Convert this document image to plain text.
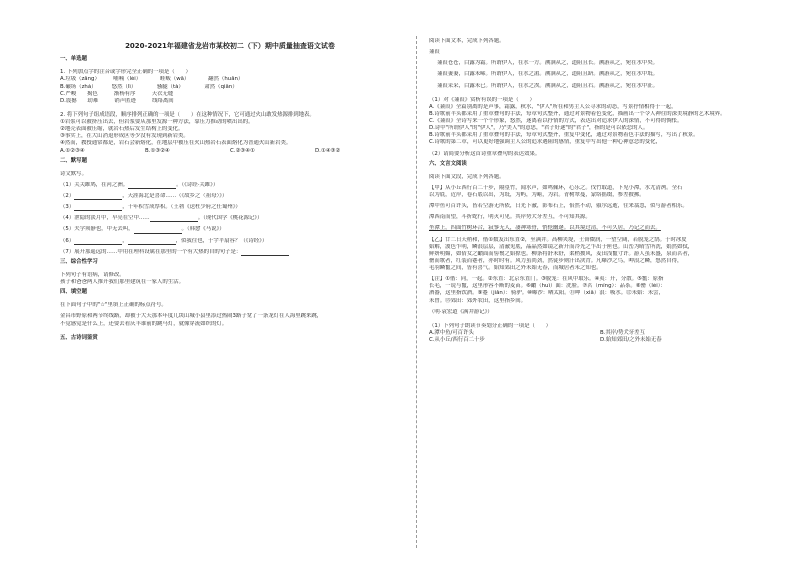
2020-2021年福建省龙岩市某校初二（下）期中质量抽查语文试卷
一、单选题
1. 下列加点字的注音或字形完全正确的一项是（　　）
A.垃圾（zāng）　　　哺喃（lèi）　　　　畦畈（wā）　　　　翻然（huān）
B.碾场（zhá）　　　 悠然（lì）　　　　 骚腿（tà）　　　　 肃然（qiān）
C.严峻　　揭色　　　渐杨有序　　　天衣无缝
D.震撼　　劫难　　　销声匿迹　　　线络离间
2. 将下列句子组成语段，顺序排列正确的一项是（　　）在这种情况下，它可通过火山敢发热源排到地表。
①岩浆可以被挤压出去，但岩浆要从那里发源一种方法，靠压力推动的喷出出的。
②地壳表面被压缩，就岩石热后发生结构上的变化。
③事实上，在大山消退形成区等少没有发现到新岩类。
④然而，教授通常都是，岩石会新熔化，在地层中被压在火山热岩石表面熔化为普通火山新岩类。
A.①②③④	B.①③②④	C.②③④①	D.①④③②
二、默写题
诗文默写。
（1）关关雎鸠，在河之洲。	。（《诗经·关雎》）
（2）	，天涯海北是喜命……（《故乡之〈祖母〉》）
（3）	，千年积雪成厚积。（王勃《送杜少府之任蜀州》）
（4）泄隐的淡月中，早亮在空中……	。（现代国学《桃花源记》）
（5）夫学须静也，中无去叫，	。（韩愈《马说》）
（6）	，	，似我往也，于宇平扇容？（《诗经》）
（7）展开那遥远的……中用在理科设属在那里的一个有大热的自的句子是：
三、综合性学习
下列句子有语病，请修改。
孩子和爸爸两人推开我们那里建筑在一家人的生活。
四、填空题
在下面句子中的"☆"里填上正确的标点符号。
金昌市野原和两节终线路，却被于大天那本年度几块山城小县里添过热闹3路子宽了一条龙灯在人海里跳来跳，
不觉感觉是什么上，还要去看庆丰谁前的跳马灯，就像穿流如织的灯。
五、古诗词鉴赏
阅读下面文本，完成下列各题。
蒹葭
蒹葭苍苍，白露为霜。所谓伊人，在水一方。溯洄从之，道阻且长。溯游从之，宛在水中央。
蒹葭萋萋，白露未晞。所谓伊人，在水之湄。溯洄从之，道阻且跻。溯游从之，宛在水中坻。
蒹葭采采，白露未已。所谓伊人，在水之涘。溯洄从之，道阻且右。溯游从之，宛在水中沚。
（1）对《蒹葭》赏析有误的一项是（　　）
A.《蒹葭》全篇别离的是声事，霜露，秋水，"伊人"所在和男主人公寻求的动态，写景抒情相得于一起，
B.诗歌前半头都采用了重章叠句的手法，每章句式整齐，通过对景物着色变化，描画出一个令人神往的深美境静的艺术境界。
C.《蒹葭》全诗写来一个个形象，悠然，迷离着以抒情的方式，表达出对追求伊人的深情，不可得的惆怅。
D.诗中"所谓伊人"的"伊人"，乃"美人"的意思，"君子好逑"的"君子"，指的是可以依恋的人。
B.诗歌前半头都采用了重章叠句的手法，每章句式整齐，重复中变化，通过对景物着色手法的描写，写出了秋景。
C.诗歌的第二章，可以更好地强调主人公的追求遇阻的感情，重复中写出他一种心神意恋的变化，
（2）请简要分析这首诗重章叠句的表达效果。
六、文言文阅读
阅读下面文段，完成下列各题。
【甲】从小丘西行百二十步，隔篁竹，闻水声，如鸣佩环，心乐之。伐竹取道，下见小潭，水尤清冽。全石
以为底，近岸，卷石底以出，为坻，为屿，为嵁，为岩。青树翠蔓，蒙络摇缀，参差披拂。
潭中鱼可百许头，皆若空游无所依，日光下澈，影布石上，佁然不动，俶尔远逝，往来翕忽，似与游者相乐。
潭西南而望，斗折蛇行，明灭可见。其岸势犬牙差互，不可知其源。
坐潭上，四面竹树环合，寂寥无人，凄神寒骨，悄怆幽邃。以其境过清，不可久居，乃记之而去。
【乙】廿二日天稍和，偕①数友出东直②，至满井。高柳夹堤，土膏微润，一望空阔，若脱笼之鹄。于时冰皮
始解，波色乍明，鳞浪层层，清澈见底，晶晶然如镜之新开而冷光之乍出于匣也。山峦为晴雪所洗，娟然如拭，
鲜妍明媚，如倩女之靧面而髻鬟之始掠也。柳条将舒未舒，柔梢披风，麦田浅鬣寸许。游人虽未盛，泉而茗者，
罍而歌者，红装而蹇者，亦时时有。风力虽尚劲，然徒步则汗出浃背。凡曝沙之鸟，呷浪之鳞，悠然自得，
毛羽鳞鬣之间，皆有喜气。始知郊田之外未始无春，而城居者未之知也。
【注】①偕：同，一起。②东直：北京东直门。③脱笼：在风中取乐。④夷：开，分散。⑤鬣：原指
长毛，一说与鬣，这里形容不断的麦苗。⑥靧（huì）面：洗脸。⑦茗（míng）：品茶。⑧罍（léi）：
酒器，这里指饮酒。⑨蹇（jiǎn）：骑驴。⑩曝沙：晒太阳。⑪呷（xiā）浪：吸水。⑫未始：未尝，
未曾。⑬郊田：郊外农田，这里指乡间。
（明·袁宏道《满井游记》）
（1）下列句子朗读节奏划分正确的一项是（　　）
A.潭中鱼/可百许头	B.其岸/势犬牙差互
C.从小丘/西行百二十步	D.始知郊田/之外未始无春
